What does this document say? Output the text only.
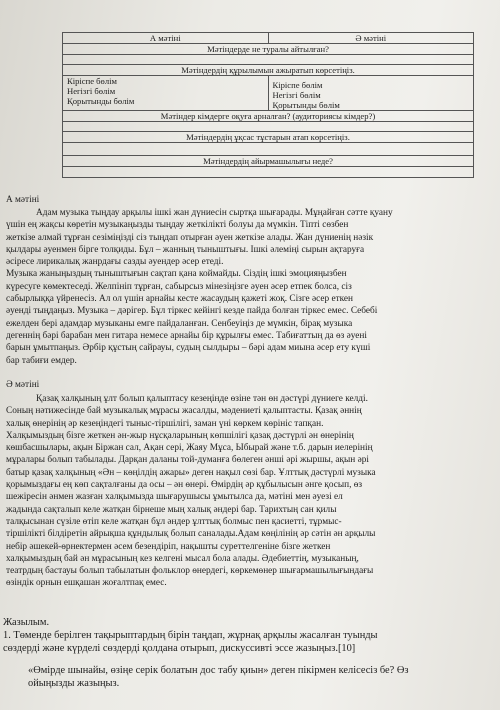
А мәтіні	Ә мәтіні
Мәтіндерде не туралы айтылған?
Мәтіндердің құрылымын ажыратып көрсетіңіз.
Кіріспе бөлім
Негізгі бөлім
Қорытынды бөлім
Кіріспе бөлім
Негізгі бөлім
Қорытынды бөлім
Мәтіндер кімдерге оқуға арналған? (аудиториясы кімдер?)
Мәтіндердің ұқсас тұстарын атап көрсетіңіз.
Мәтіндердің айырмашылығы неде?
А мәтіні

Адам музыка тыңдау арқылы ішкі жан дүниесін сыртқа шығарады. Мұңайған сәтте қуану

үшін ең жақсы көретін музыкаңызды тыңдау жеткілікті болуы да мүмкін. Тіпті сөзбен

жеткізе алмай тұрған сезіміңізді сіз тыңдап отырған әуен жеткізе алады. Жан дүниенің нәзік

қылдары әуенмен бірге толқиды. Бұл – жанның тыныштығы. Ішкі әлеміңі сырын ақтаруға

әсіресе лирикалық жанрдағы сазды әуендер әсер етеді.

Музыка жаныңыздың тыныштығын сақтап қана коймайды. Сіздің ішкі эмоцияңызбен

күресуге көмектеседі. Желпініп тұрған, сабырсыз мінезіңізге әуен әсер етпек болса, сіз

сабырлыққа үйренесіз. Ал ол үшін арнайы кесте жасаудың қажеті жоқ. Сізге әсер еткен

әуенді тыңдаңыз. Музыка – дәрігер. Бұл тіркес кейінгі кезде пайда болған тіркес емес. Себебі

ежелден бері адамдар музыканы емге пайдаланған. Сенбеуіңіз де мүмкін, бірақ музыка

дегеннің бәрі барабан мен гитара немесе арнайы бір құрылғы емес. Табиғаттың да өз әуені

барын ұмытпаңыз. Әрбір құстың сайрауы, судың сылдыры – бәрі адам миына әсер ету күші

бар табиғи емдер.

Ә мәтіні

Қазақ халқының ұлт болып қалыптасу кезеңінде өзіне тән өн дәстүрі дүниеге келді.

Соның нәтижесінде бай музыкалық мұрасы жасалды, мәдениеті қалыптасты. Қазақ әннің

халық өнерінің әр кезеңіндегі тыныс-тіршілігі, заман үні көркем көрініс тапқан.

Халқымыздың бізге жеткен ән-жыр нұсқаларының көпшілігі қазақ дәстүрлі ән өнерінің

көшбасшылары, ақын Біржан сал, Ақан сері, Жаяу Мұса, Ыбырай және т.б. дарын иелерінің

мұралары болып табылады. Дарқан даланы той-думанға бөлеген әнші әрі жыршы, ақын әрі

батыр қазақ халқының «Ән – көңілдің ажары» деген нақыл сөзі бар. Ұлттық дәстүрлі музыка

қорымыздағы ең көп сақталғаны да осы – ән өнері. Өмірдің әр құбылысын әнге қосып, өз

шежіресін әнмен жазған халқымызда шығарушысы ұмытылса да, мәтіні мен әуезі ел

жадында сақталып келе жатқан бірнеше мың халық әндері бар. Тарихтың сан қилы

талқысынан сүзіле өтіп келе жатқан бұл әндер ұлттық болмыс пен қасиетті, тұрмыс-

тіршілікті білдіретін айрықша құндылық болып саналады.Адам көңілінің әр сәтін ән арқылы

небір әшекей-өрнектермен әсем безендіріп, нақышты суреттелгеніне бізге жеткен

халқымыздың бай ән мұрасының кез келгені мысал бола алады. Әдебиеттің, музыканың,

театрдың бастауы болып табылатын фольклор өнердегі, көркемөнер шығармашылығындағы

өзіндік орнын ешқашан жоғалтпақ емес.

Жазылым.
1. Төменде берілген тақырыптардың бірін таңдап, жұрнақ арқылы жасалған туынды
сөздерді және күрделі сөздерді қолдана отырып, дискуссивті эссе жазыңыз.[10]
«Өмірде шынайы, өзіңе серік болатын дос табу қиын» деген пікірмен келісесіз бе? Өз
ойыңызды жазыңыз.
